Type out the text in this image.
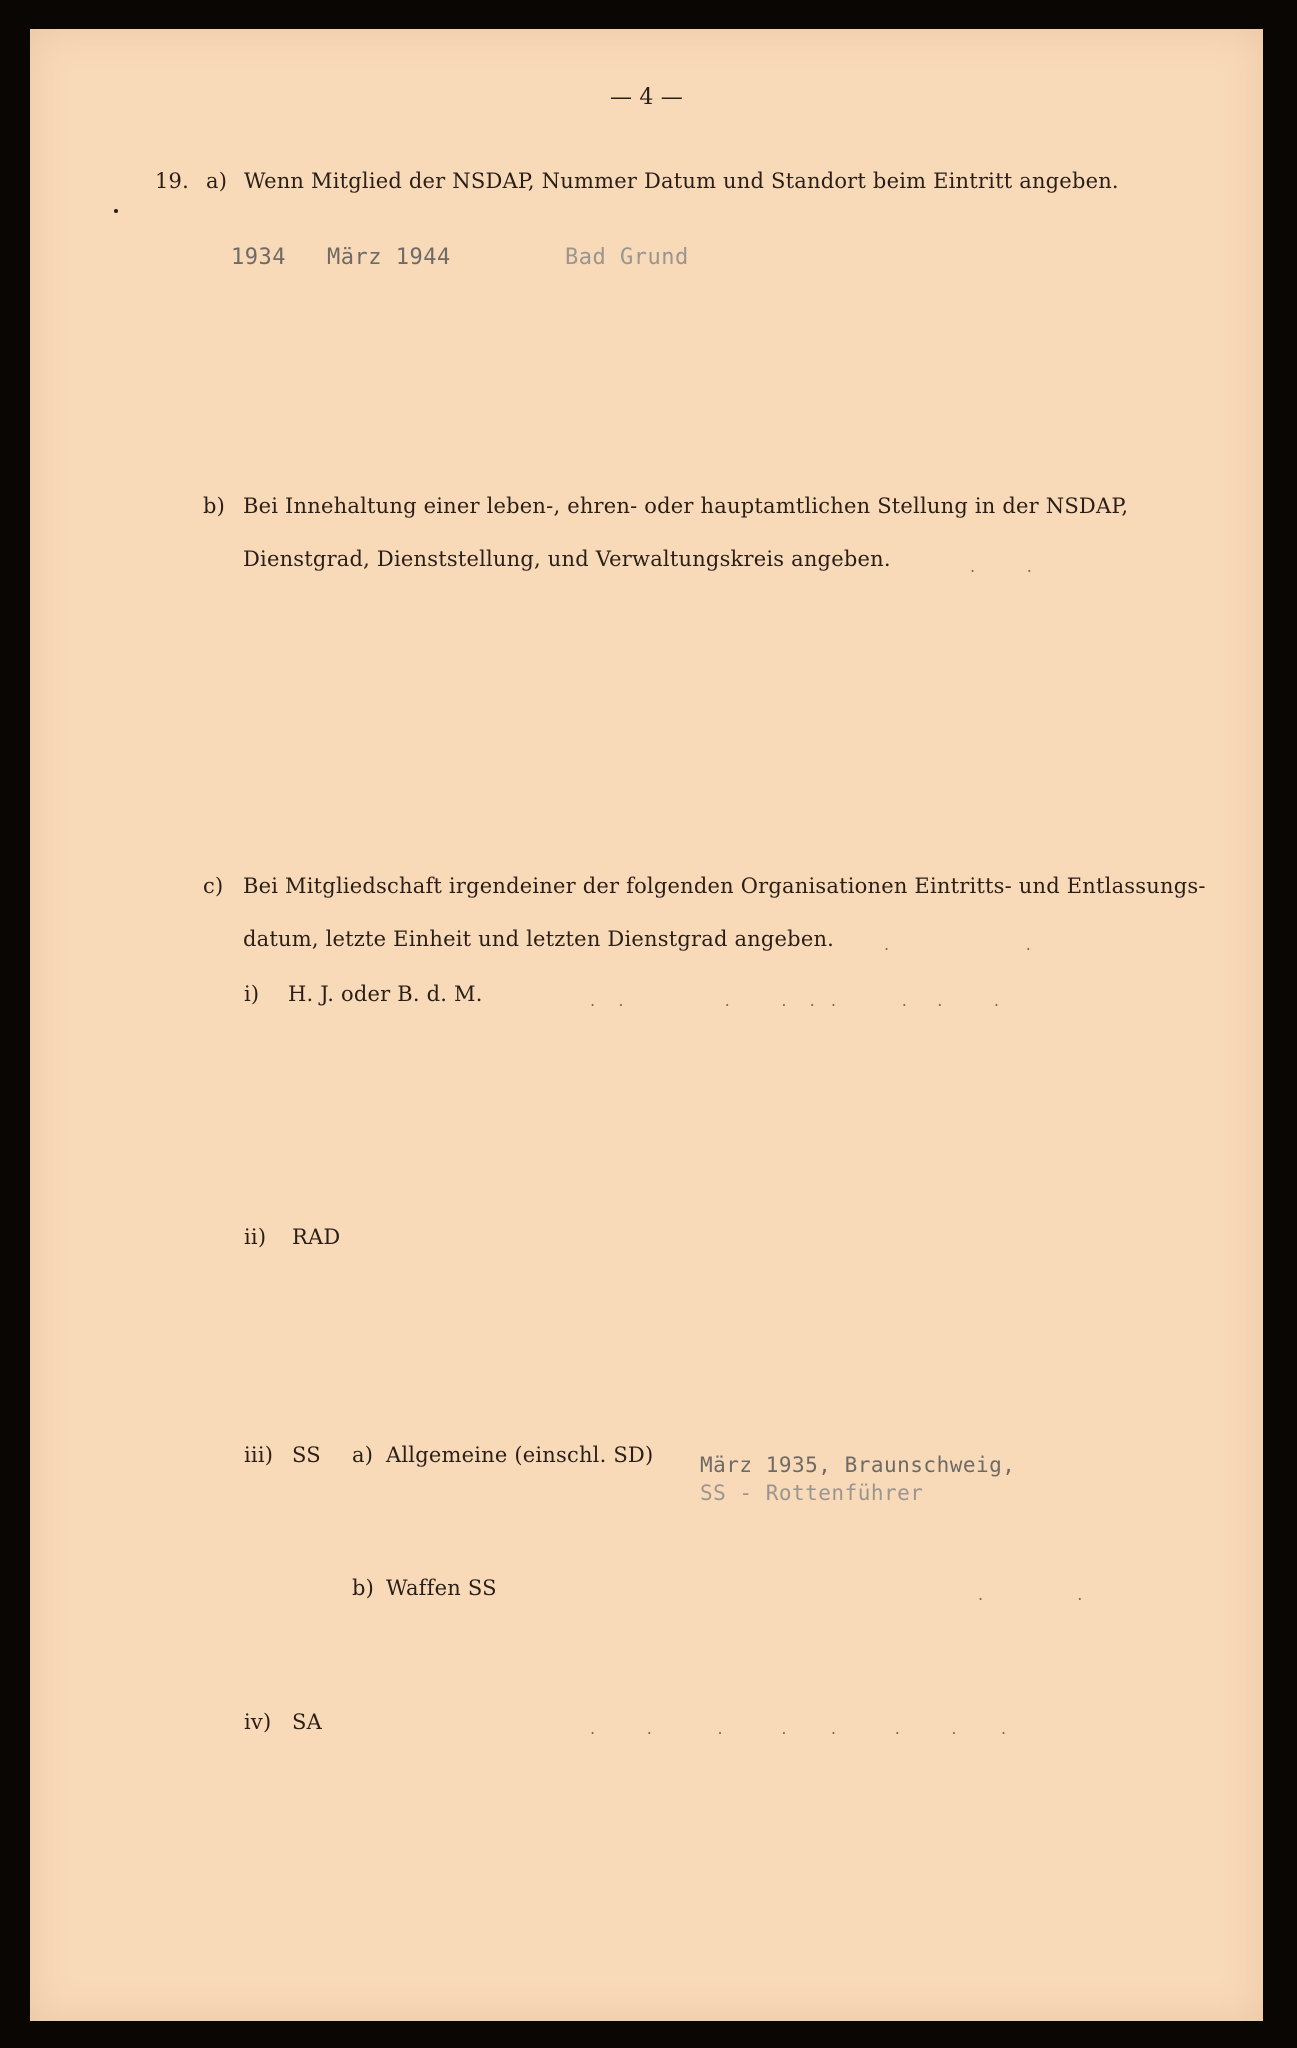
— 4 —
19. a) Wenn Mitglied der NSDAP, Nummer Datum und Standort beim Eintritt angeben.
1934 März 1944	Bad Grund
b) Bei Innehaltung einer leben-, ehren- oder hauptamtlichen Stellung in der NSDAP,
Dienstgrad, Dienststellung, und Verwaltungskreis angeben.	.       .
c) Bei Mitgliedschaft irgendeiner der folgenden Organisationen Eintritts- und Entlassungs-
datum, letzte Einheit und letzten Dienstgrad angeben.	.                   .
i) H. J. oder B. d. M.	.   .              .       .   .  .         .    .       .
ii) RAD
iii) SS a) Allgemeine (einschl. SD) März 1935, Braunschweig,
SS - Rottenführer
b) Waffen SS	.             .
iv) SA	.       .         .        .      .        .       .      .
